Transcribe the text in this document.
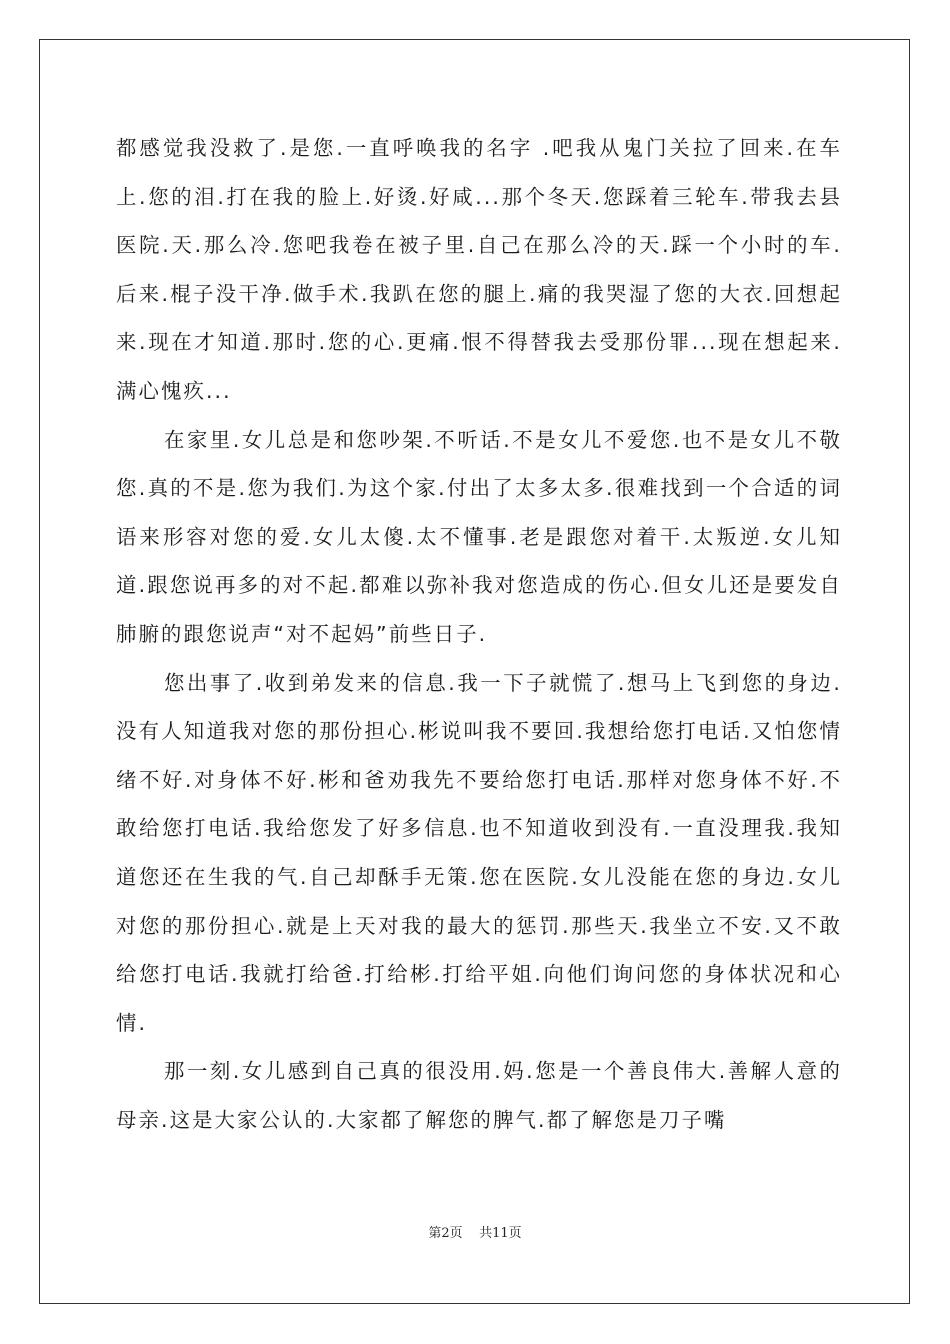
都感觉我没救了.是您.一直呼唤我的名字 .吧我从鬼门关拉了回来.在车上.您的泪.打在我的脸上.好烫.好咸...那个冬天.您踩着三轮车.带我去县医院.天.那么冷.您吧我卷在被子里.自己在那么冷的天.踩一个小时的车.后来.棍子没干净.做手术.我趴在您的腿上.痛的我哭湿了您的大衣.回想起来.现在才知道.那时.您的心.更痛.恨不得替我去受那份罪...现在想起来.满心愧疚...

在家里.女儿总是和您吵架.不听话.不是女儿不爱您.也不是女儿不敬您.真的不是.您为我们.为这个家.付出了太多太多.很难找到一个合适的词语来形容对您的爱.女儿太傻.太不懂事.老是跟您对着干.太叛逆.女儿知道.跟您说再多的对不起.都难以弥补我对您造成的伤心.但女儿还是要发自肺腑的跟您说声“对不起妈”前些日子.

您出事了.收到弟发来的信息.我一下子就慌了.想马上飞到您的身边.没有人知道我对您的那份担心.彬说叫我不要回.我想给您打电话.又怕您情绪不好.对身体不好.彬和爸劝我先不要给您打电话.那样对您身体不好.不敢给您打电话.我给您发了好多信息.也不知道收到没有.一直没理我.我知道您还在生我的气.自己却酥手无策.您在医院.女儿没能在您的身边.女儿对您的那份担心.就是上天对我的最大的惩罚.那些天.我坐立不安.又不敢给您打电话.我就打给爸.打给彬.打给平姐.向他们询问您的身体状况和心情.

那一刻.女儿感到自己真的很没用.妈.您是一个善良伟大.善解人意的母亲.这是大家公认的.大家都了解您的脾气.都了解您是刀子嘴

第2页 共11页
